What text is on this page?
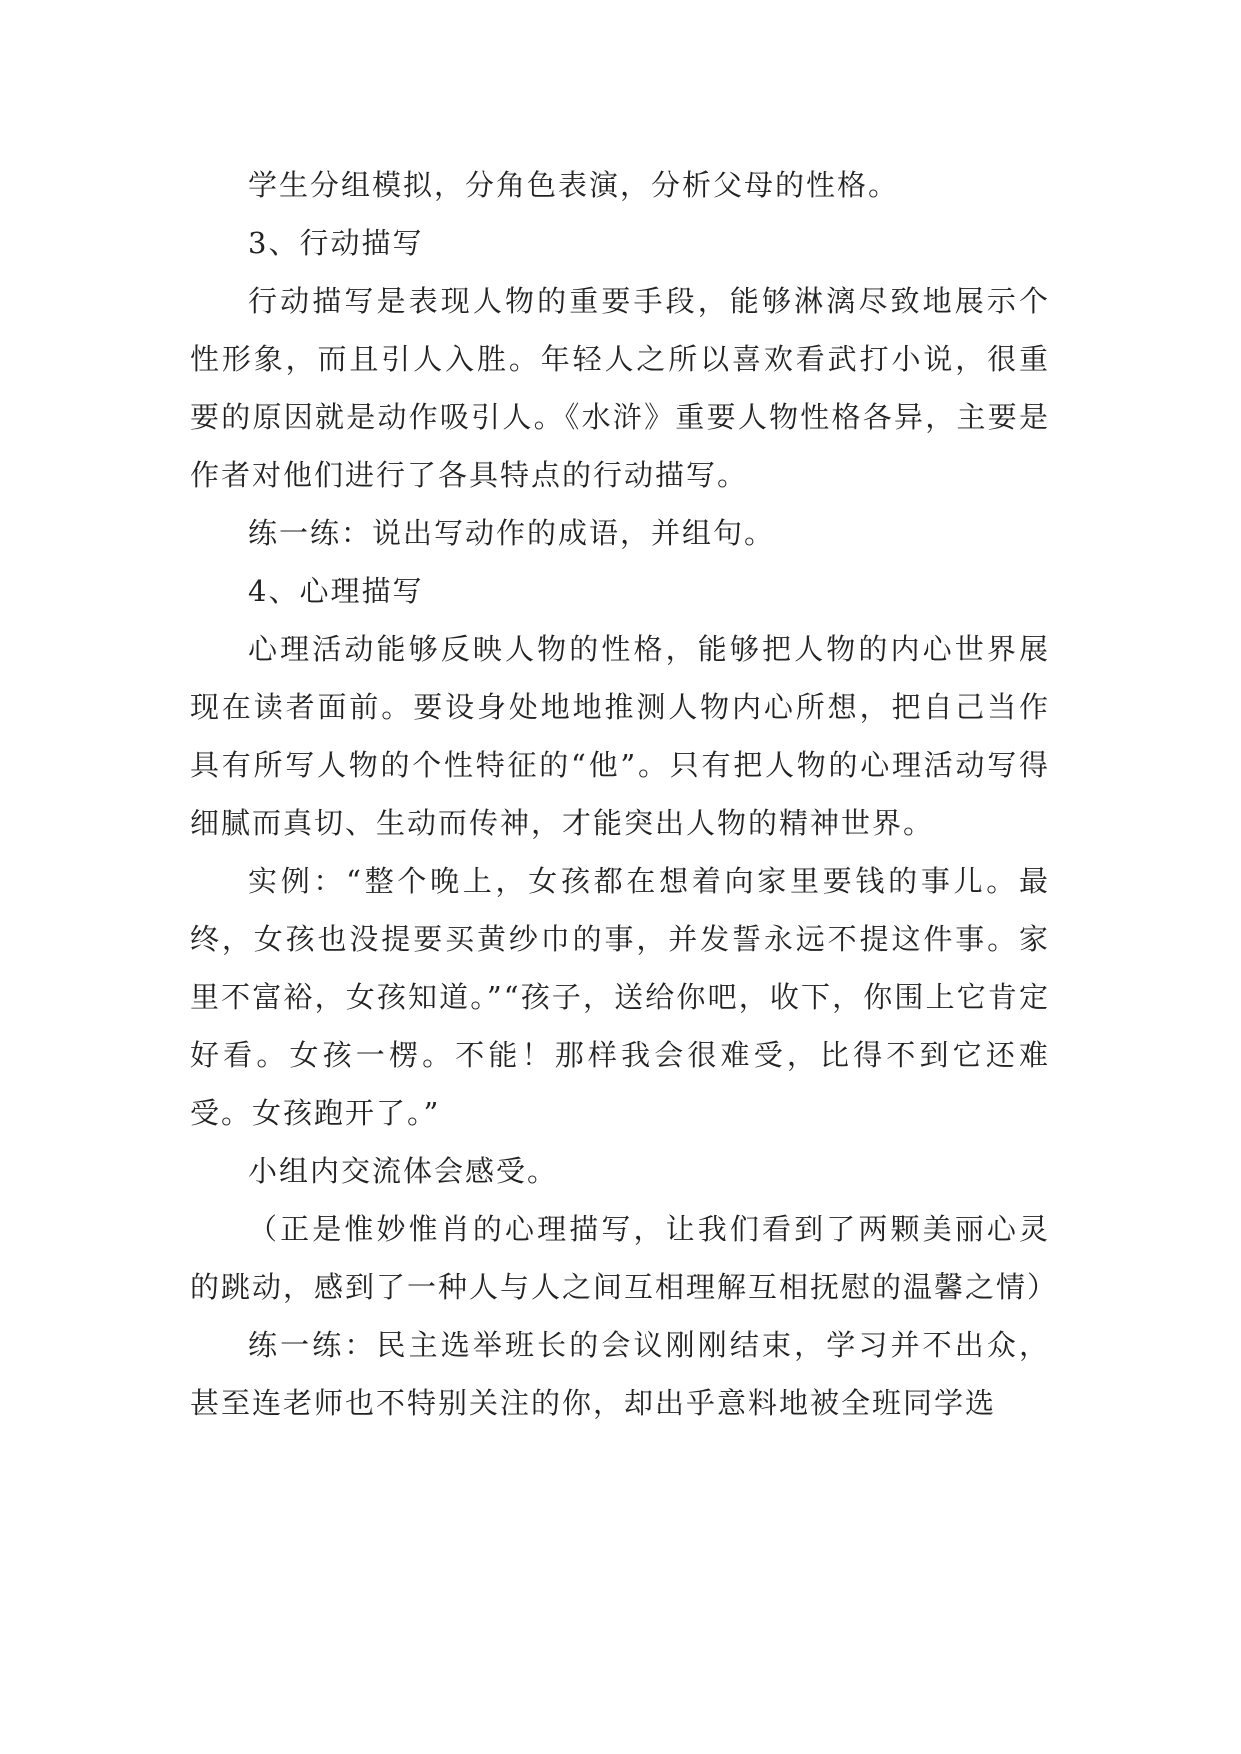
学生分组模拟，分角色表演，分析父母的性格。

3、行动描写

行动描写是表现人物的重要手段，能够淋漓尽致地展示个性形象，而且引人入胜。年轻人之所以喜欢看武打小说，很重要的原因就是动作吸引人。《水浒》重要人物性格各异，主要是作者对他们进行了各具特点的行动描写。

练一练：说出写动作的成语，并组句。

4、心理描写

心理活动能够反映人物的性格，能够把人物的内心世界展现在读者面前。要设身处地地推测人物内心所想，把自己当作具有所写人物的个性特征的“他”。只有把人物的心理活动写得细腻而真切、生动而传神，才能突出人物的精神世界。

实例：“整个晚上，女孩都在想着向家里要钱的事儿。最终，女孩也没提要买黄纱巾的事，并发誓永远不提这件事。家里不富裕，女孩知道。”“孩子，送给你吧，收下，你围上它肯定好看。女孩一楞。不能！那样我会很难受，比得不到它还难受。女孩跑开了。”

小组内交流体会感受。

（正是惟妙惟肖的心理描写，让我们看到了两颗美丽心灵的跳动，感到了一种人与人之间互相理解互相抚慰的温馨之情）

练一练：民主选举班长的会议刚刚结束，学习并不出众，甚至连老师也不特别关注的你，却出乎意料地被全班同学选
